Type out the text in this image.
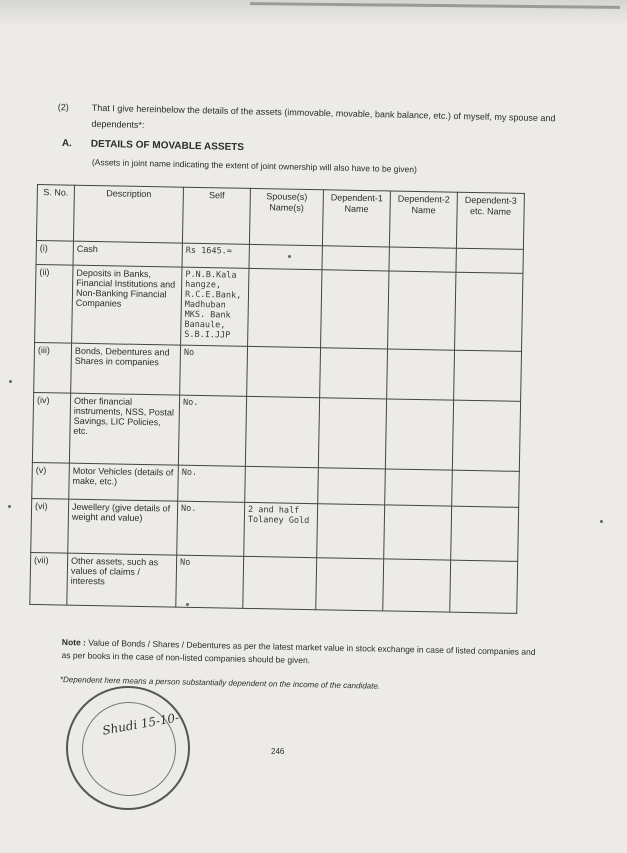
(2)	That I give hereinbelow the details of the assets (immovable, movable, bank balance, etc.) of myself, my spouse and dependents*:
A. DETAILS OF MOVABLE ASSETS
(Assets in joint name indicating the extent of joint ownership will also have to be given)
S. No.	Description	Self	Spouse(s) Name(s)	Dependent-1 Name	Dependent-2 Name	Dependent-3 etc. Name
(i)	Cash	Rs 1645.=				
(ii)	Deposits in Banks, Financial Institutions and Non-Banking Financial Companies	P.N.B.Kala hangze, R.C.E.Bank, Madhuban MKS. Bank Banaule, S.B.I.JJP				
(iii)	Bonds, Debentures and Shares in companies	No				
(iv)	Other financial instruments, NSS, Postal Savings, LIC Policies, etc.	No.				
(v)	Motor Vehicles (details of make, etc.)	No.				
(vi)	Jewellery (give details of weight and value)	No.	2 and half Tolaney Gold			
(vii)	Other assets, such as values of claims / interests	No				
Note : Value of Bonds / Shares / Debentures as per the latest market value in stock exchange in case of listed companies and as per books in the case of non-listed companies should be given.
*Dependent here means a person substantially dependent on the income of the candidate.
246
Shudi 15-10-
